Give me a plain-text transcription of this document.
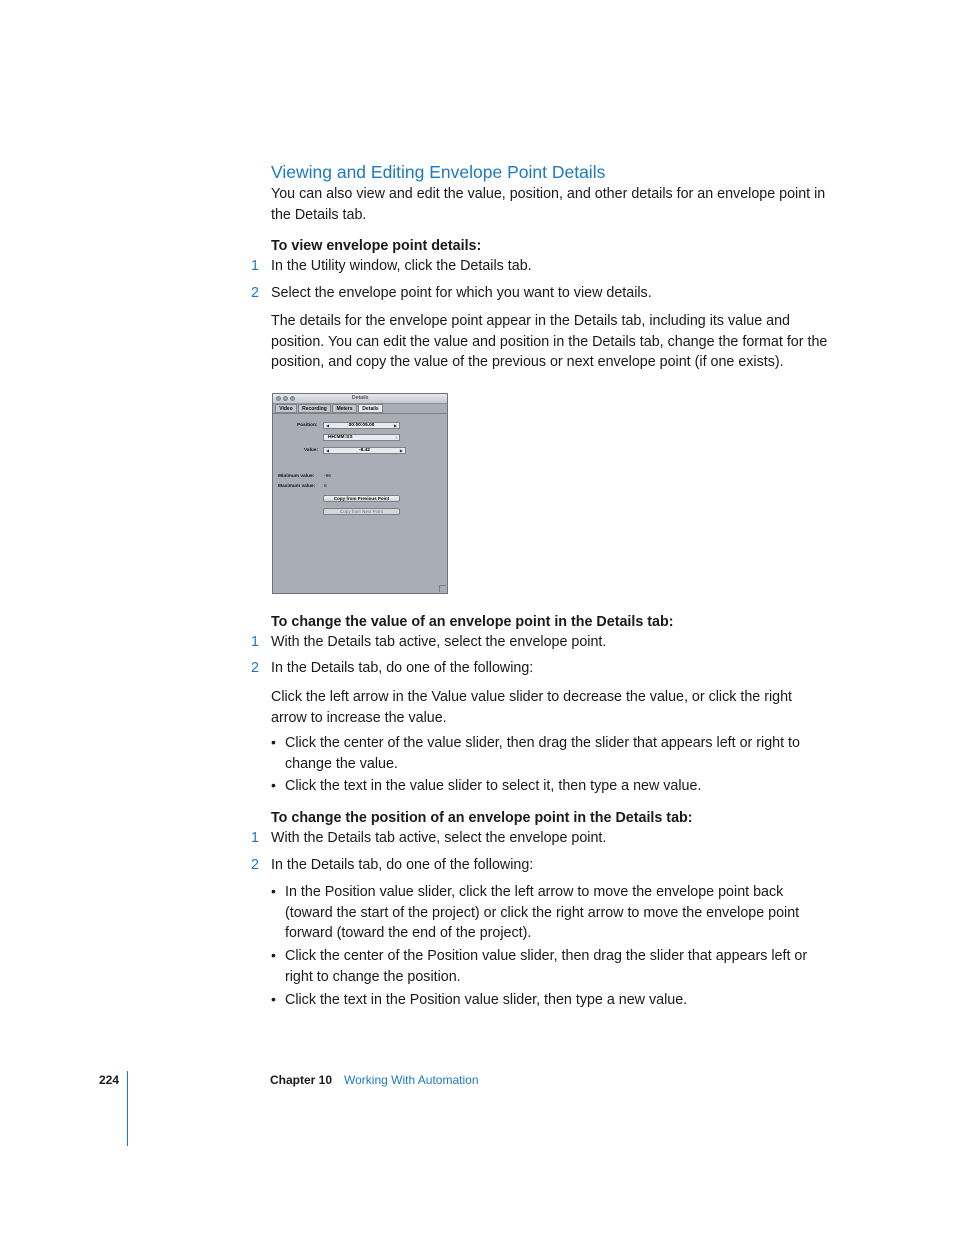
Viewing and Editing Envelope Point Details
You can also view and edit the value, position, and other details for an envelope point in the Details tab.
To view envelope point details:
1 In the Utility window, click the Details tab.
2 Select the envelope point for which you want to view details.
The details for the envelope point appear in the Details tab, including its value and position. You can edit the value and position in the Details tab, change the format for the position, and copy the value of the previous or next envelope point (if one exists).
Details
Video	Recording	Meters	Details
Position: ◀	00:00:05.00	▶
HH:MM:SS	↕
Value: ◀	-8.42	▶
Minimum value: -96
Maximum value: 6
Copy from Previous Point
Copy from Next Point
To change the value of an envelope point in the Details tab:
1 With the Details tab active, select the envelope point.
2 In the Details tab, do one of the following:
Click the left arrow in the Value value slider to decrease the value, or click the right arrow to increase the value.
• Click the center of the value slider, then drag the slider that appears left or right to change the value.
• Click the text in the value slider to select it, then type a new value.
To change the position of an envelope point in the Details tab:
1 With the Details tab active, select the envelope point.
2 In the Details tab, do one of the following:
• In the Position value slider, click the left arrow to move the envelope point back (toward the start of the project) or click the right arrow to move the envelope point forward (toward the end of the project).
• Click the center of the Position value slider, then drag the slider that appears left or right to change the position.
• Click the text in the Position value slider, then type a new value.
224	Chapter 10 Working With Automation
